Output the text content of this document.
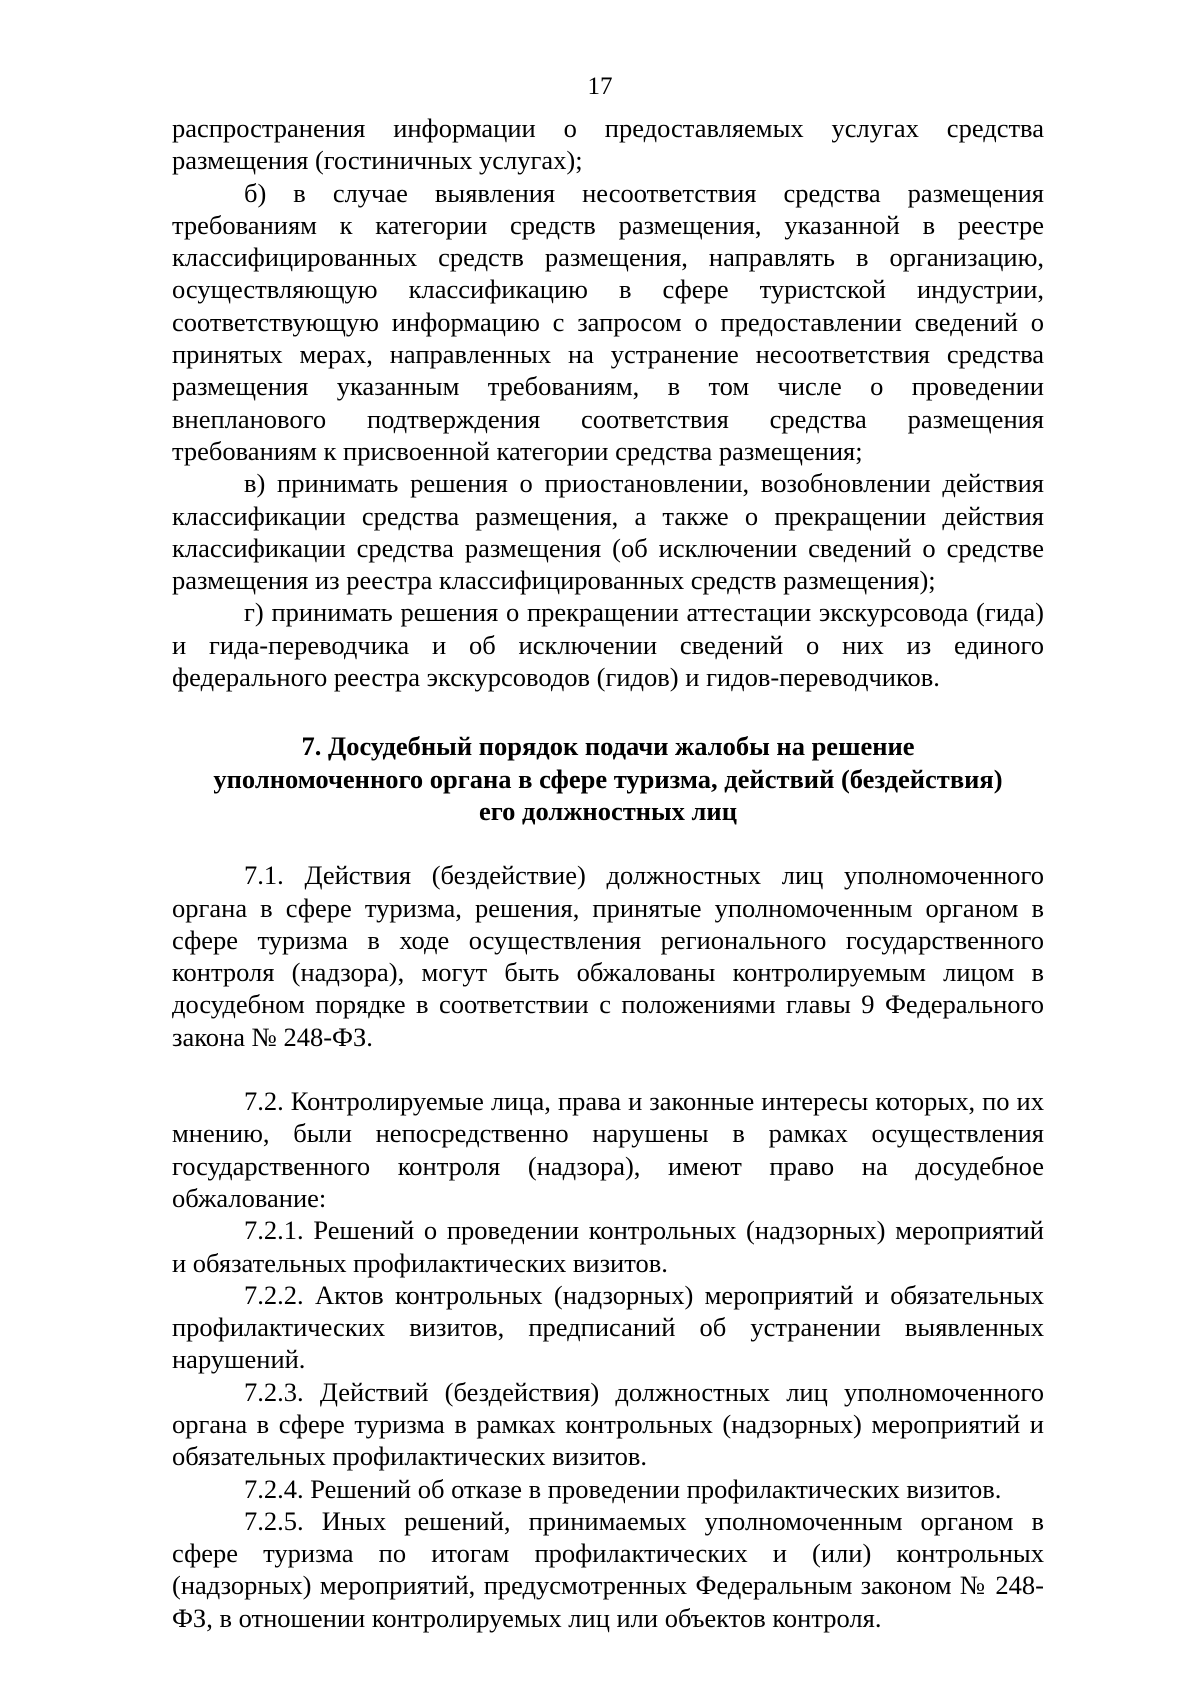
17

распространения информации о предоставляемых услугах средства размещения (гостиничных услугах);

б) в случае выявления несоответствия средства размещения требованиям к категории средств размещения, указанной в реестре классифицированных средств размещения, направлять в организацию, осуществляющую классификацию в сфере туристской индустрии, соответствующую информацию с запросом о предоставлении сведений о принятых мерах, направленных на устранение несоответствия средства размещения указанным требованиям, в том числе о проведении внепланового подтверждения соответствия средства размещения требованиям к присвоенной категории средства размещения;

в) принимать решения о приостановлении, возобновлении действия классификации средства размещения, а также о прекращении действия классификации средства размещения (об исключении сведений о средстве размещения из реестра классифицированных средств размещения);

г) принимать решения о прекращении аттестации экскурсовода (гида) и гида-переводчика и об исключении сведений о них из единого федерального реестра экскурсоводов (гидов) и гидов-переводчиков.

7. Досудебный порядок подачи жалобы на решение
уполномоченного органа в сфере туризма, действий (бездействия)
его должностных лиц

7.1. Действия (бездействие) должностных лиц уполномоченного органа в сфере туризма, решения, принятые уполномоченным органом в сфере туризма в ходе осуществления регионального государственного контроля (надзора), могут быть обжалованы контролируемым лицом в досудебном порядке в соответствии с положениями главы 9 Федерального закона № 248-ФЗ.

7.2. Контролируемые лица, права и законные интересы которых, по их мнению, были непосредственно нарушены в рамках осуществления государственного контроля (надзора), имеют право на досудебное обжалование:

7.2.1. Решений о проведении контрольных (надзорных) мероприятий и обязательных профилактических визитов.

7.2.2. Актов контрольных (надзорных) мероприятий и обязательных профилактических визитов, предписаний об устранении выявленных нарушений.

7.2.3. Действий (бездействия) должностных лиц уполномоченного органа в сфере туризма в рамках контрольных (надзорных) мероприятий и обязательных профилактических визитов.

7.2.4. Решений об отказе в проведении профилактических визитов.

7.2.5. Иных решений, принимаемых уполномоченным органом в сфере туризма по итогам профилактических и (или) контрольных (надзорных) мероприятий, предусмотренных Федеральным законом № 248-ФЗ, в отношении контролируемых лиц или объектов контроля.
